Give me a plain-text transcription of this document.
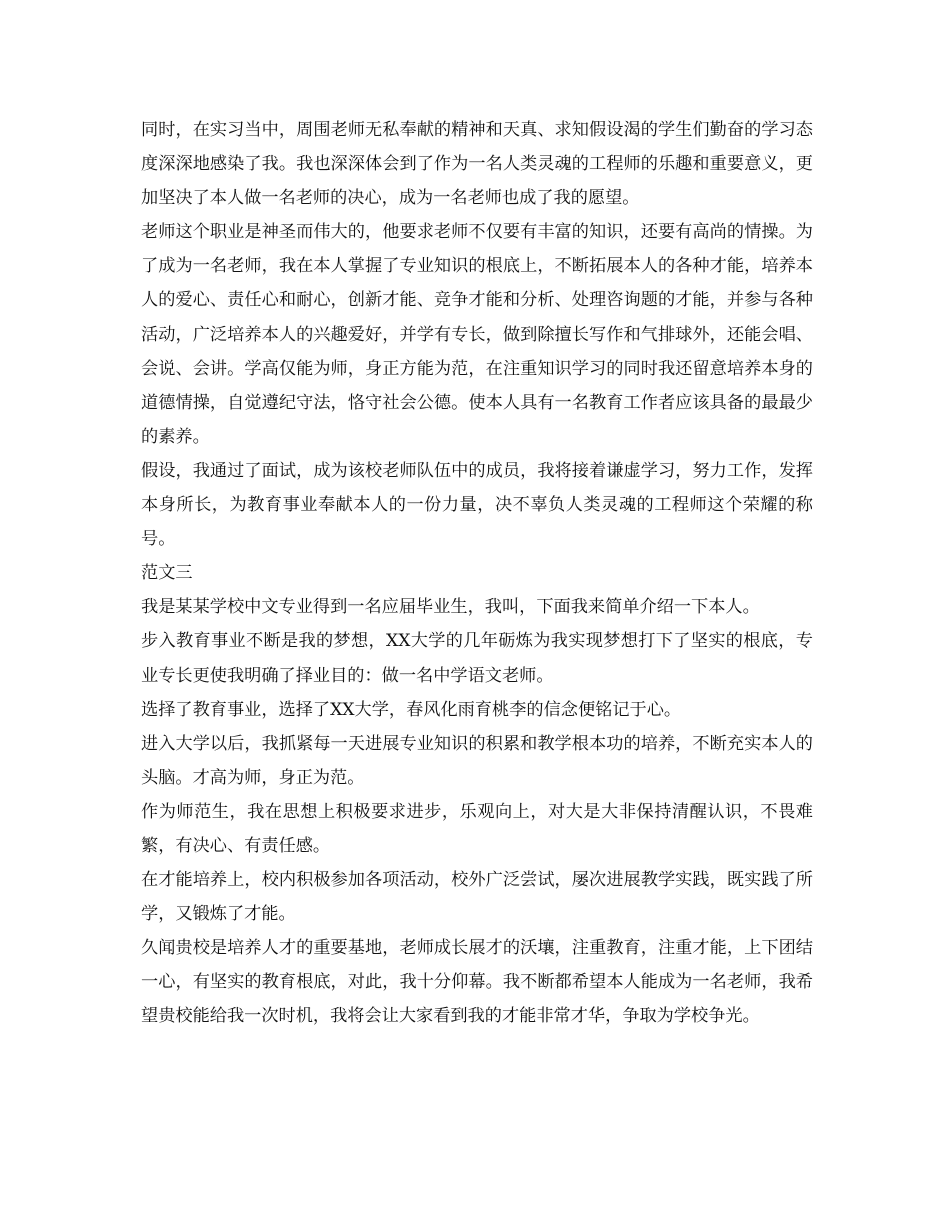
同时，在实习当中，周围老师无私奉献的精神和天真、求知假设渴的学生们勤奋的学习态度深深地感染了我。我也深深体会到了作为一名人类灵魂的工程师的乐趣和重要意义，更加坚决了本人做一名老师的决心，成为一名老师也成了我的愿望。

老师这个职业是神圣而伟大的，他要求老师不仅要有丰富的知识，还要有高尚的情操。为了成为一名老师，我在本人掌握了专业知识的根底上，不断拓展本人的各种才能，培养本人的爱心、责任心和耐心，创新才能、竞争才能和分析、处理咨询题的才能，并参与各种活动，广泛培养本人的兴趣爱好，并学有专长，做到除擅长写作和气排球外，还能会唱、会说、会讲。学高仅能为师，身正方能为范，在注重知识学习的同时我还留意培养本身的道德情操，自觉遵纪守法，恪守社会公德。使本人具有一名教育工作者应该具备的最最少的素养。

假设，我通过了面试，成为该校老师队伍中的成员，我将接着谦虚学习，努力工作，发挥本身所长，为教育事业奉献本人的一份力量，决不辜负人类灵魂的工程师这个荣耀的称号。

范文三

我是某某学校中文专业得到一名应届毕业生，我叫，下面我来简单介绍一下本人。

步入教育事业不断是我的梦想，XX大学的几年砺炼为我实现梦想打下了坚实的根底，专业专长更使我明确了择业目的：做一名中学语文老师。

选择了教育事业，选择了XX大学，春风化雨育桃李的信念便铭记于心。

进入大学以后，我抓紧每一天进展专业知识的积累和教学根本功的培养，不断充实本人的头脑。才高为师，身正为范。

作为师范生，我在思想上积极要求进步，乐观向上，对大是大非保持清醒认识，不畏难繁，有决心、有责任感。

在才能培养上，校内积极参加各项活动，校外广泛尝试，屡次进展教学实践，既实践了所学，又锻炼了才能。

久闻贵校是培养人才的重要基地，老师成长展才的沃壤，注重教育，注重才能，上下团结一心，有坚实的教育根底，对此，我十分仰幕。我不断都希望本人能成为一名老师，我希望贵校能给我一次时机，我将会让大家看到我的才能非常才华，争取为学校争光。
